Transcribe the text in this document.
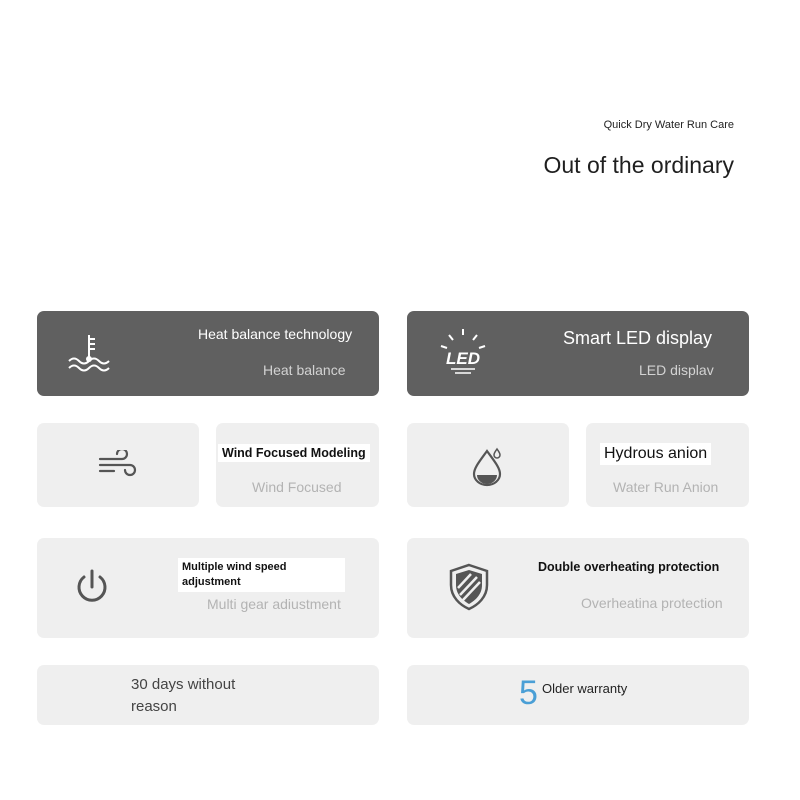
Quick Dry Water Run Care
Out of the ordinary
Heat balance technology
Heat balance
LED
Smart LED display
LED displav
Wind Focused Modeling
Wind Focused
Hydrous anion
Water Run Anion
Multiple wind speed adjustment
Multi gear adiustment
Double overheating protection
Overheatina protection
30 days without reason	5 Older warranty
